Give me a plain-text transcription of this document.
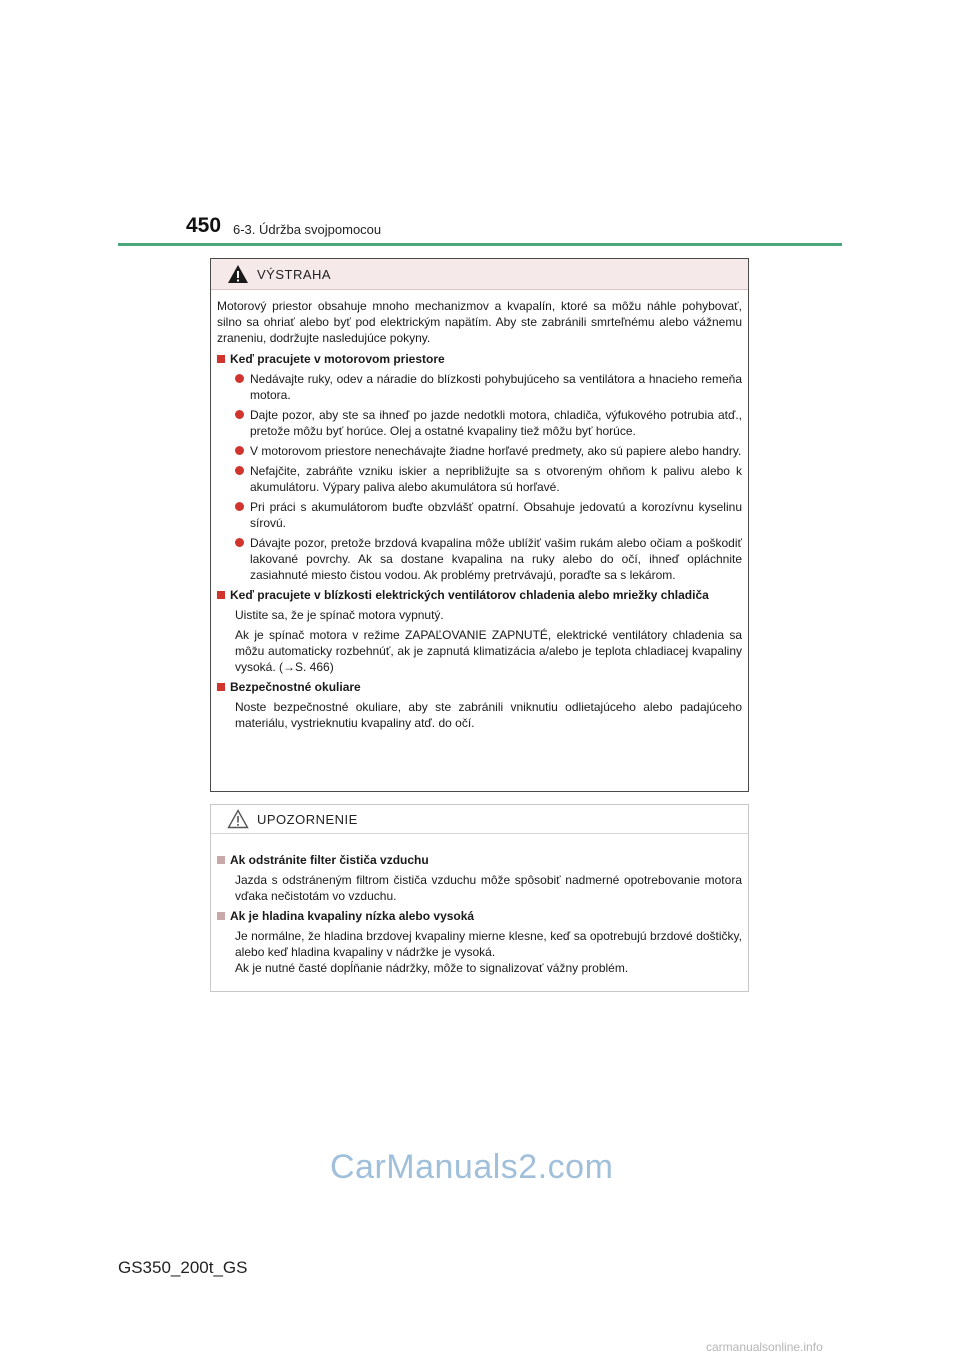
450 6-3. Údržba svojpomocou
VÝSTRAHA

Motorový priestor obsahuje mnoho mechanizmov a kvapalín, ktoré sa môžu náhle pohybovať, silno sa ohriať alebo byť pod elektrickým napätím. Aby ste zabránili smrteľnému alebo vážnemu zraneniu, dodržujte nasledujúce pokyny.

Keď pracujete v motorovom priestore
Nedávajte ruky, odev a náradie do blízkosti pohybujúceho sa ventilátora a hnacieho remeňa motora.
Dajte pozor, aby ste sa ihneď po jazde nedotkli motora, chladiča, výfukového potrubia atď., pretože môžu byť horúce. Olej a ostatné kvapaliny tiež môžu byť horúce.
V motorovom priestore nenechávajte žiadne horľavé predmety, ako sú papiere alebo handry.
Nefajčite, zabráňte vzniku iskier a nepribližujte sa s otvoreným ohňom k palivu alebo k akumulátoru. Výpary paliva alebo akumulátora sú horľavé.
Pri práci s akumulátorom buďte obzvlášť opatrní. Obsahuje jedovatú a korozívnu kyselinu sírovú.
Dávajte pozor, pretože brzdová kvapalina môže ublížiť vašim rukám alebo očiam a poškodiť lakované povrchy. Ak sa dostane kvapalina na ruky alebo do očí, ihneď opláchnite zasiahnuté miesto čistou vodou. Ak problémy pretrvávajú, poraďte sa s lekárom.
Keď pracujete v blízkosti elektrických ventilátorov chladenia alebo mriežky chladiča
Uistite sa, že je spínač motora vypnutý.
Ak je spínač motora v režime ZAPAĽOVANIE ZAPNUTÉ, elektrické ventilátory chladenia sa môžu automaticky rozbehnúť, ak je zapnutá klimatizácia a/alebo je teplota chladiacej kvapaliny vysoká. (→S. 466)
Bezpečnostné okuliare
Noste bezpečnostné okuliare, aby ste zabránili vniknutiu odlietajúceho alebo padajúceho materiálu, vystrieknutiu kvapaliny atď. do očí.
UPOZORNENIE
Ak odstránite filter čističa vzduchu
Jazda s odstráneným filtrom čističa vzduchu môže spôsobiť nadmerné opotrebovanie motora vďaka nečistotám vo vzduchu.
Ak je hladina kvapaliny nízka alebo vysoká
Je normálne, že hladina brzdovej kvapaliny mierne klesne, keď sa opotrebujú brzdové doštičky, alebo keď hladina kvapaliny v nádržke je vysoká.
Ak je nutné časté dopĺňanie nádržky, môže to signalizovať vážny problém.
CarManuals2.com
GS350_200t_GS
carmanualsonline.info
